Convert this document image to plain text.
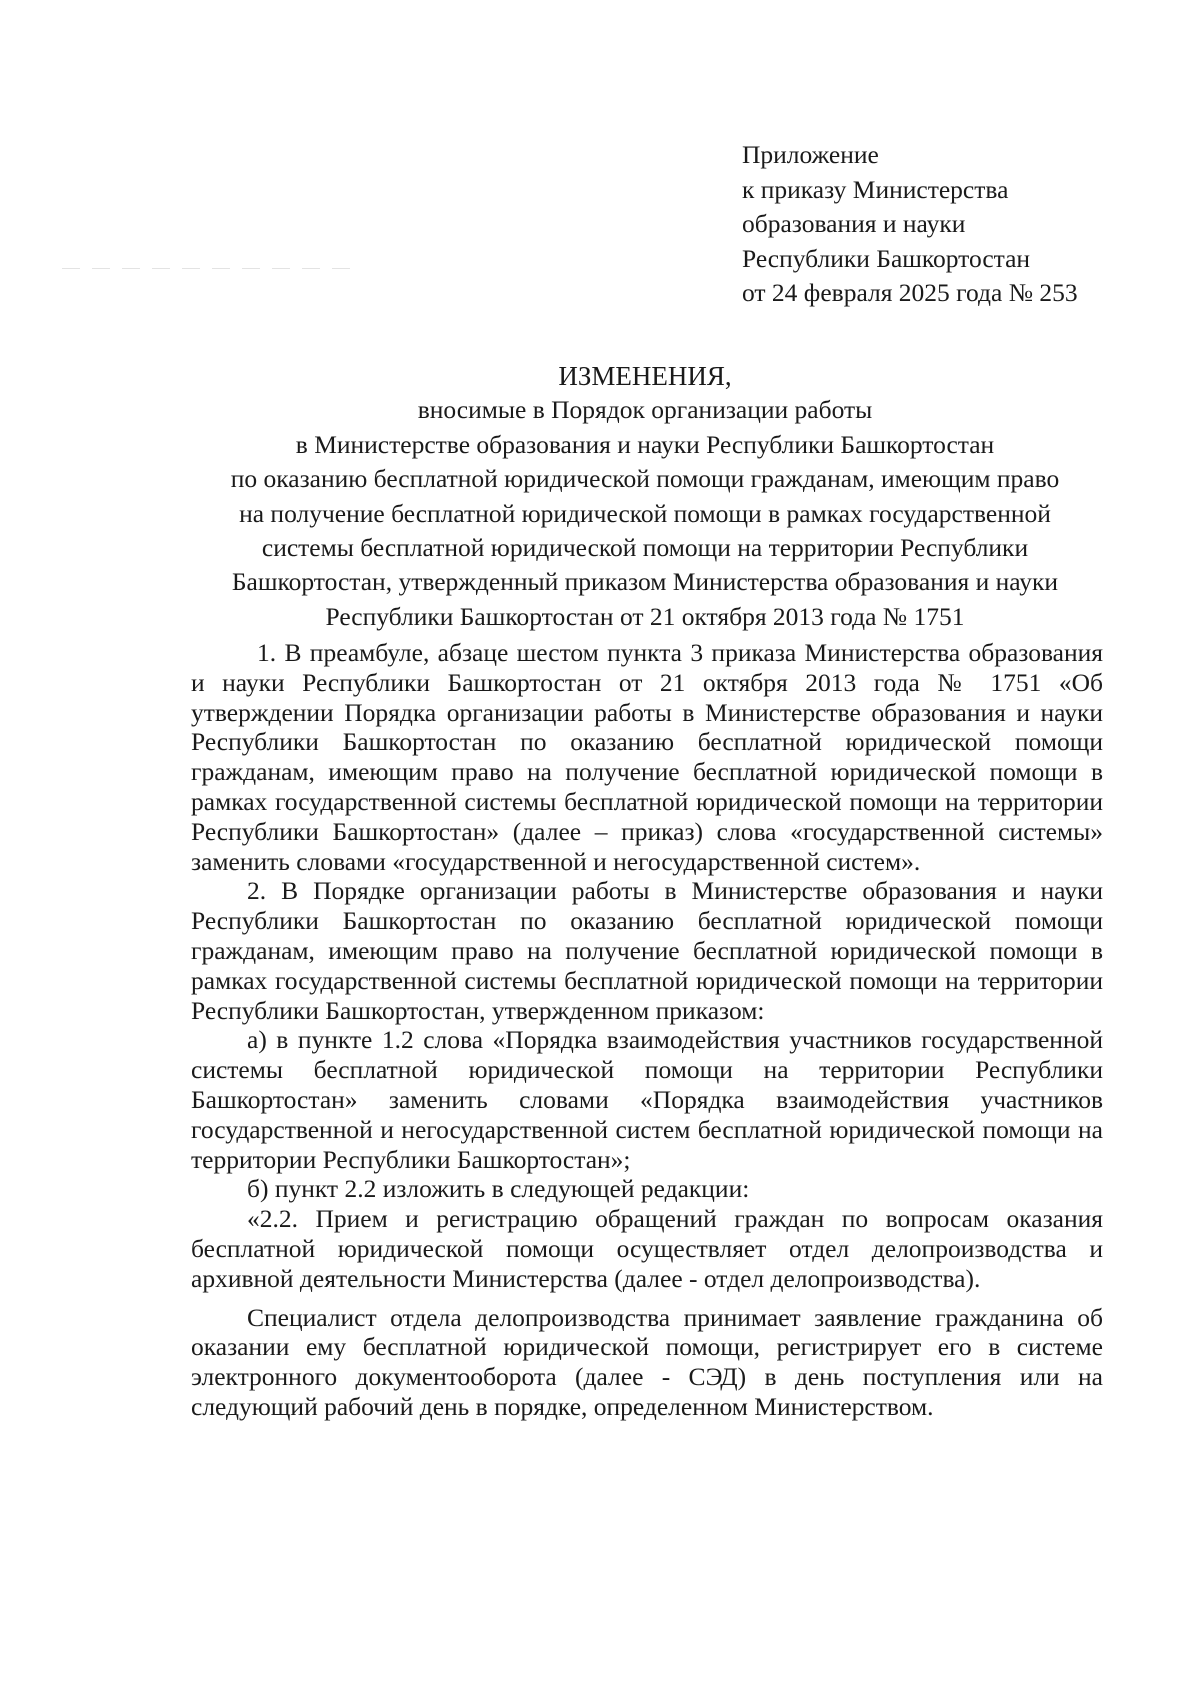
Приложение
к приказу Министерства
образования и науки
Республики Башкортостан
от 24 февраля 2025 года № 253
ИЗМЕНЕНИЯ,
вносимые в Порядок организации работы
в Министерстве образования и науки Республики Башкортостан
по оказанию бесплатной юридической помощи гражданам, имеющим право
на получение бесплатной юридической помощи в рамках государственной
системы бесплатной юридической помощи на территории Республики
Башкортостан, утвержденный приказом Министерства образования и науки
Республики Башкортостан от 21 октября 2013 года № 1751

1. В преамбуле, абзаце шестом пункта 3 приказа Министерства образования и науки Республики Башкортостан от 21 октября 2013 года № 1751 «Об утверждении Порядка организации работы в Министерстве образования и науки Республики Башкортостан по оказанию бесплатной юридической помощи гражданам, имеющим право на получение бесплатной юридической помощи в рамках государственной системы бесплатной юридической помощи на территории Республики Башкортостан» (далее – приказ) слова «государственной системы» заменить словами «государственной и негосударственной систем».

2. В Порядке организации работы в Министерстве образования и науки Республики Башкортостан по оказанию бесплатной юридической помощи гражданам, имеющим право на получение бесплатной юридической помощи в рамках государственной системы бесплатной юридической помощи на территории Республики Башкортостан, утвержденном приказом:

а) в пункте 1.2 слова «Порядка взаимодействия участников государственной системы бесплатной юридической помощи на территории Республики Башкортостан» заменить словами «Порядка взаимодействия участников государственной и негосударственной систем бесплатной юридической помощи на территории Республики Башкортостан»;

б) пункт 2.2 изложить в следующей редакции:

«2.2. Прием и регистрацию обращений граждан по вопросам оказания бесплатной юридической помощи осуществляет отдел делопроизводства и архивной деятельности Министерства (далее - отдел делопроизводства).

Специалист отдела делопроизводства принимает заявление гражданина об оказании ему бесплатной юридической помощи, регистрирует его в системе электронного документооборота (далее - СЭД) в день поступления или на следующий рабочий день в порядке, определенном Министерством.
